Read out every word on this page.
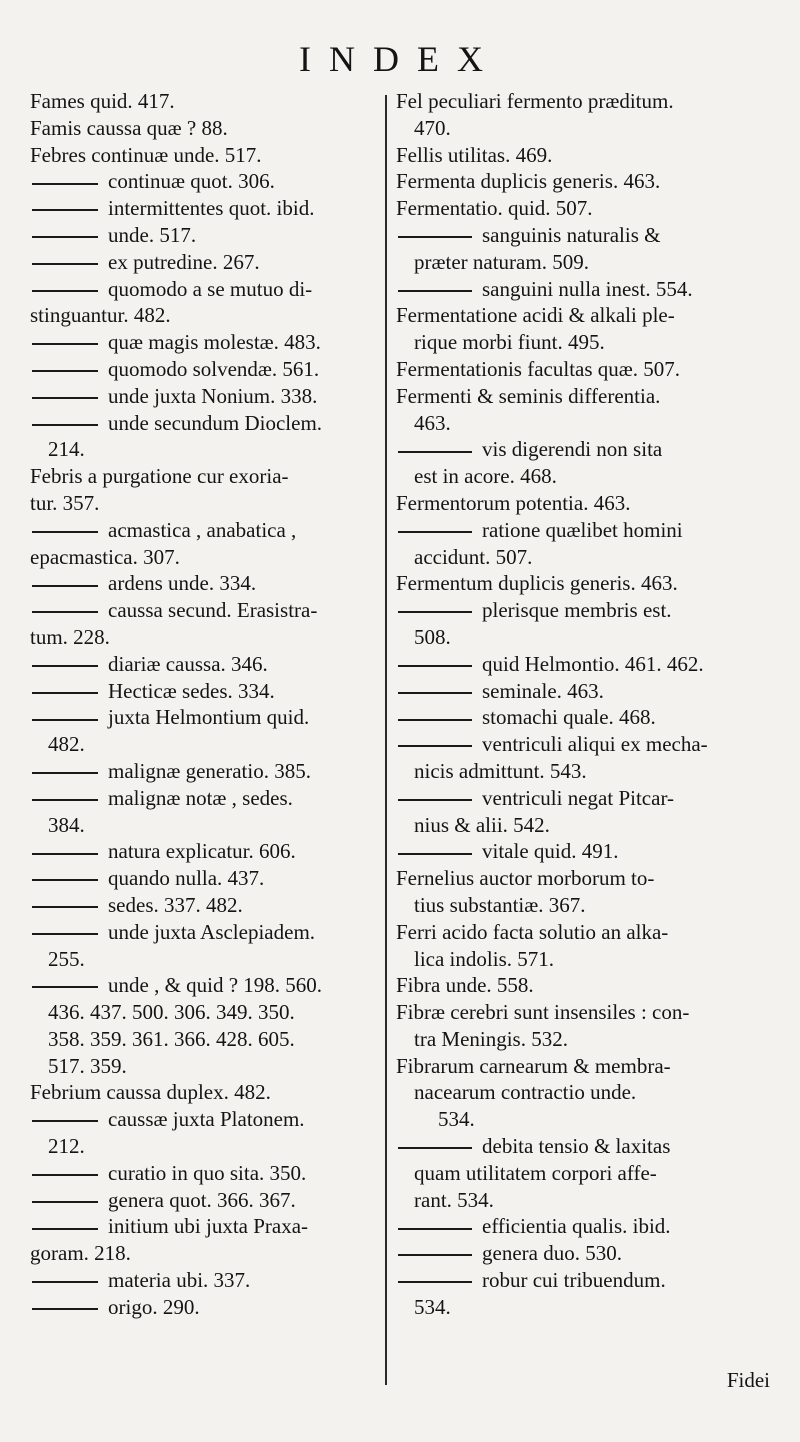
INDEX
Fames quid. 417.
Famis caussa quæ ? 88.
Febres continuæ unde. 517.
continuæ quot. 306.
intermittentes quot. ibid.
unde. 517.
ex putredine. 267.
quomodo a se mutuo di-
stinguantur. 482.
quæ magis molestæ. 483.
quomodo solvendæ. 561.
unde juxta Nonium. 338.
unde secundum Dioclem.
214.
Febris a purgatione cur exoria-
tur. 357.
acmastica , anabatica ,
epacmastica. 307.
ardens unde. 334.
caussa secund. Erasistra-
tum. 228.
diariæ caussa. 346.
Hecticæ sedes. 334.
juxta Helmontium quid.
482.
malignæ generatio. 385.
malignæ notæ , sedes.
384.
natura explicatur. 606.
quando nulla. 437.
sedes. 337. 482.
unde juxta Asclepiadem.
255.
unde , & quid ? 198. 560.
436. 437. 500. 306. 349. 350.
358. 359. 361. 366. 428. 605.
517. 359.
Febrium caussa duplex. 482.
caussæ juxta Platonem.
212.
curatio in quo sita. 350.
genera quot. 366. 367.
initium ubi juxta Praxa-
goram. 218.
materia ubi. 337.
origo. 290.
Fel peculiari fermento præditum.
470.
Fellis utilitas. 469.
Fermenta duplicis generis. 463.
Fermentatio. quid. 507.
sanguinis naturalis &
præter naturam. 509.
sanguini nulla inest. 554.
Fermentatione acidi & alkali ple-
rique morbi fiunt. 495.
Fermentationis facultas quæ. 507.
Fermenti & seminis differentia.
463.
vis digerendi non sita
est in acore. 468.
Fermentorum potentia. 463.
ratione quælibet homini
accidunt. 507.
Fermentum duplicis generis. 463.
plerisque membris est.
508.
quid Helmontio. 461. 462.
seminale. 463.
stomachi quale. 468.
ventriculi aliqui ex mecha-
nicis admittunt. 543.
ventriculi negat Pitcar-
nius & alii. 542.
vitale quid. 491.
Fernelius auctor morborum to-
tius substantiæ. 367.
Ferri acido facta solutio an alka-
lica indolis. 571.
Fibra unde. 558.
Fibræ cerebri sunt insensiles : con-
tra Meningis. 532.
Fibrarum carnearum & membra-
nacearum contractio unde.
534.
debita tensio & laxitas
quam utilitatem corpori affe-
rant. 534.
efficientia qualis. ibid.
genera duo. 530.
robur cui tribuendum.
534.
Fidei
